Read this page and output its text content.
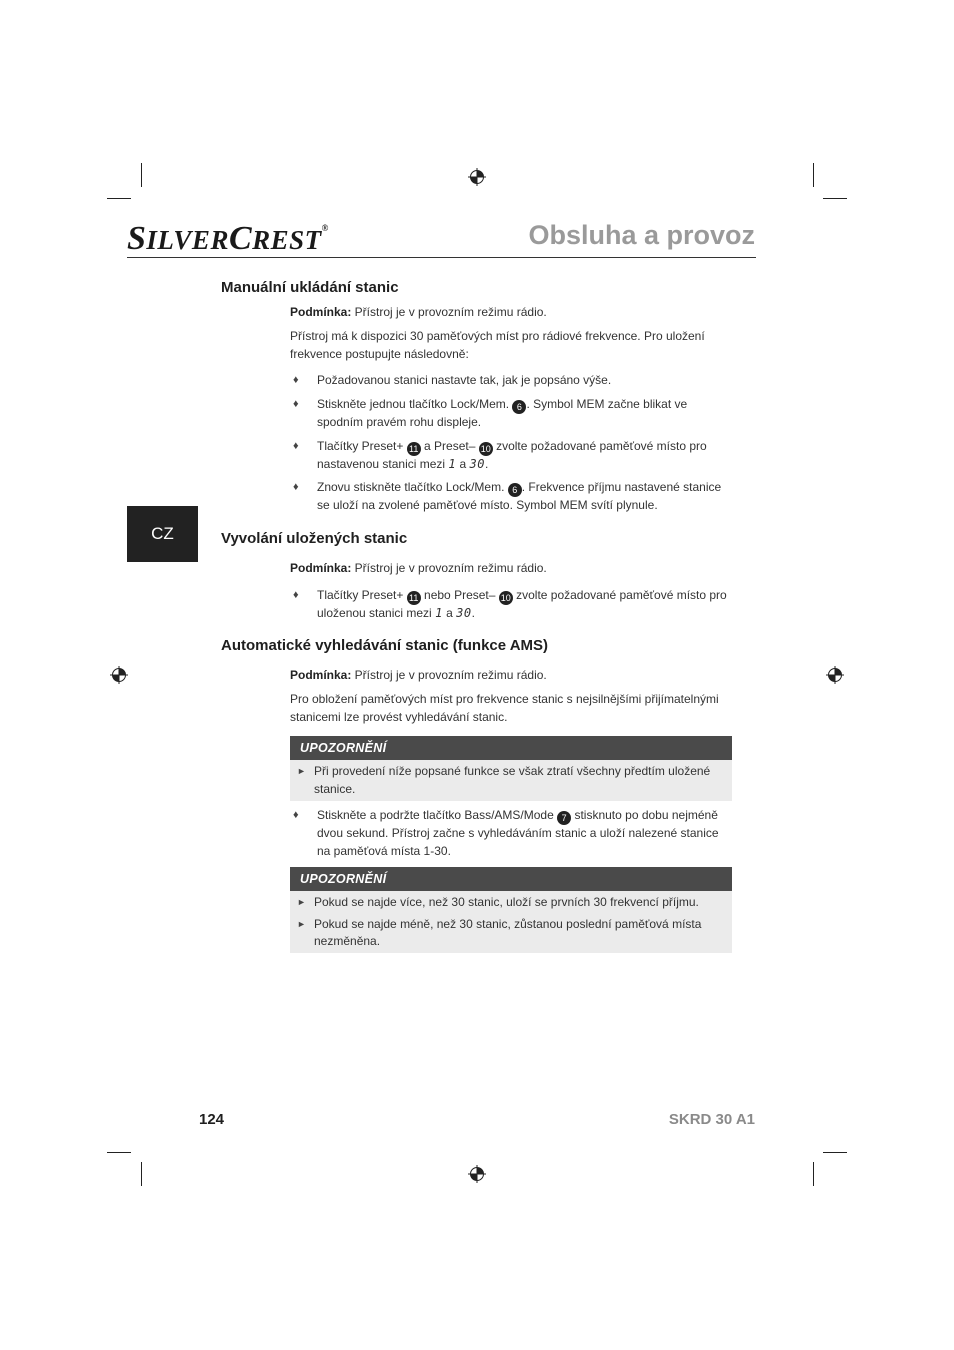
SILVERCREST®	Obsluha a provoz
CZ
Manuální ukládání stanic

Podmínka: Přístroj je v provozním režimu rádio.

Přístroj má k dispozici 30 paměťových míst pro rádiové frekvence. Pro uložení frekvence postupujte následovně:

♦ Požadovanou stanici nastavte tak, jak je popsáno výše.
♦ Stiskněte jednou tlačítko Lock/Mem. 6 . Symbol MEM začne blikat ve spodním pravém rohu displeje.
♦ Tlačítky Preset+ 11 a Preset– 10 zvolte požadované paměťové místo pro nastavenou stanici mezi 1 a 30.
♦ Znovu stiskněte tlačítko Lock/Mem. 6 . Frekvence příjmu nastavené stanice se uloží na zvolené paměťové místo. Symbol MEM svítí plynule.
Vyvolání uložených stanic

Podmínka: Přístroj je v provozním režimu rádio.

♦ Tlačítky Preset+ 11 nebo Preset– 10 zvolte požadované paměťové místo pro uloženou stanici mezi 1 a 30.
Automatické vyhledávání stanic (funkce AMS)

Podmínka: Přístroj je v provozním režimu rádio.

Pro obložení paměťových míst pro frekvence stanic s nejsilnějšími přijímatelnými stanicemi lze provést vyhledávání stanic.

UPOZORNĚNÍ
► Při provedení níže popsané funkce se však ztratí všechny předtím uložené stanice.
♦ Stiskněte a podržte tlačítko Bass/AMS/Mode 7 stisknuto po dobu nejméně dvou sekund. Přístroj začne s vyhledáváním stanic a uloží nalezené stanice na paměťová místa 1-30.
UPOZORNĚNÍ
► Pokud se najde více, než 30 stanic, uloží se prvních 30 frekvencí příjmu.
► Pokud se najde méně, než 30 stanic, zůstanou poslední paměťová místa nezměněna.
124	SKRD 30 A1
